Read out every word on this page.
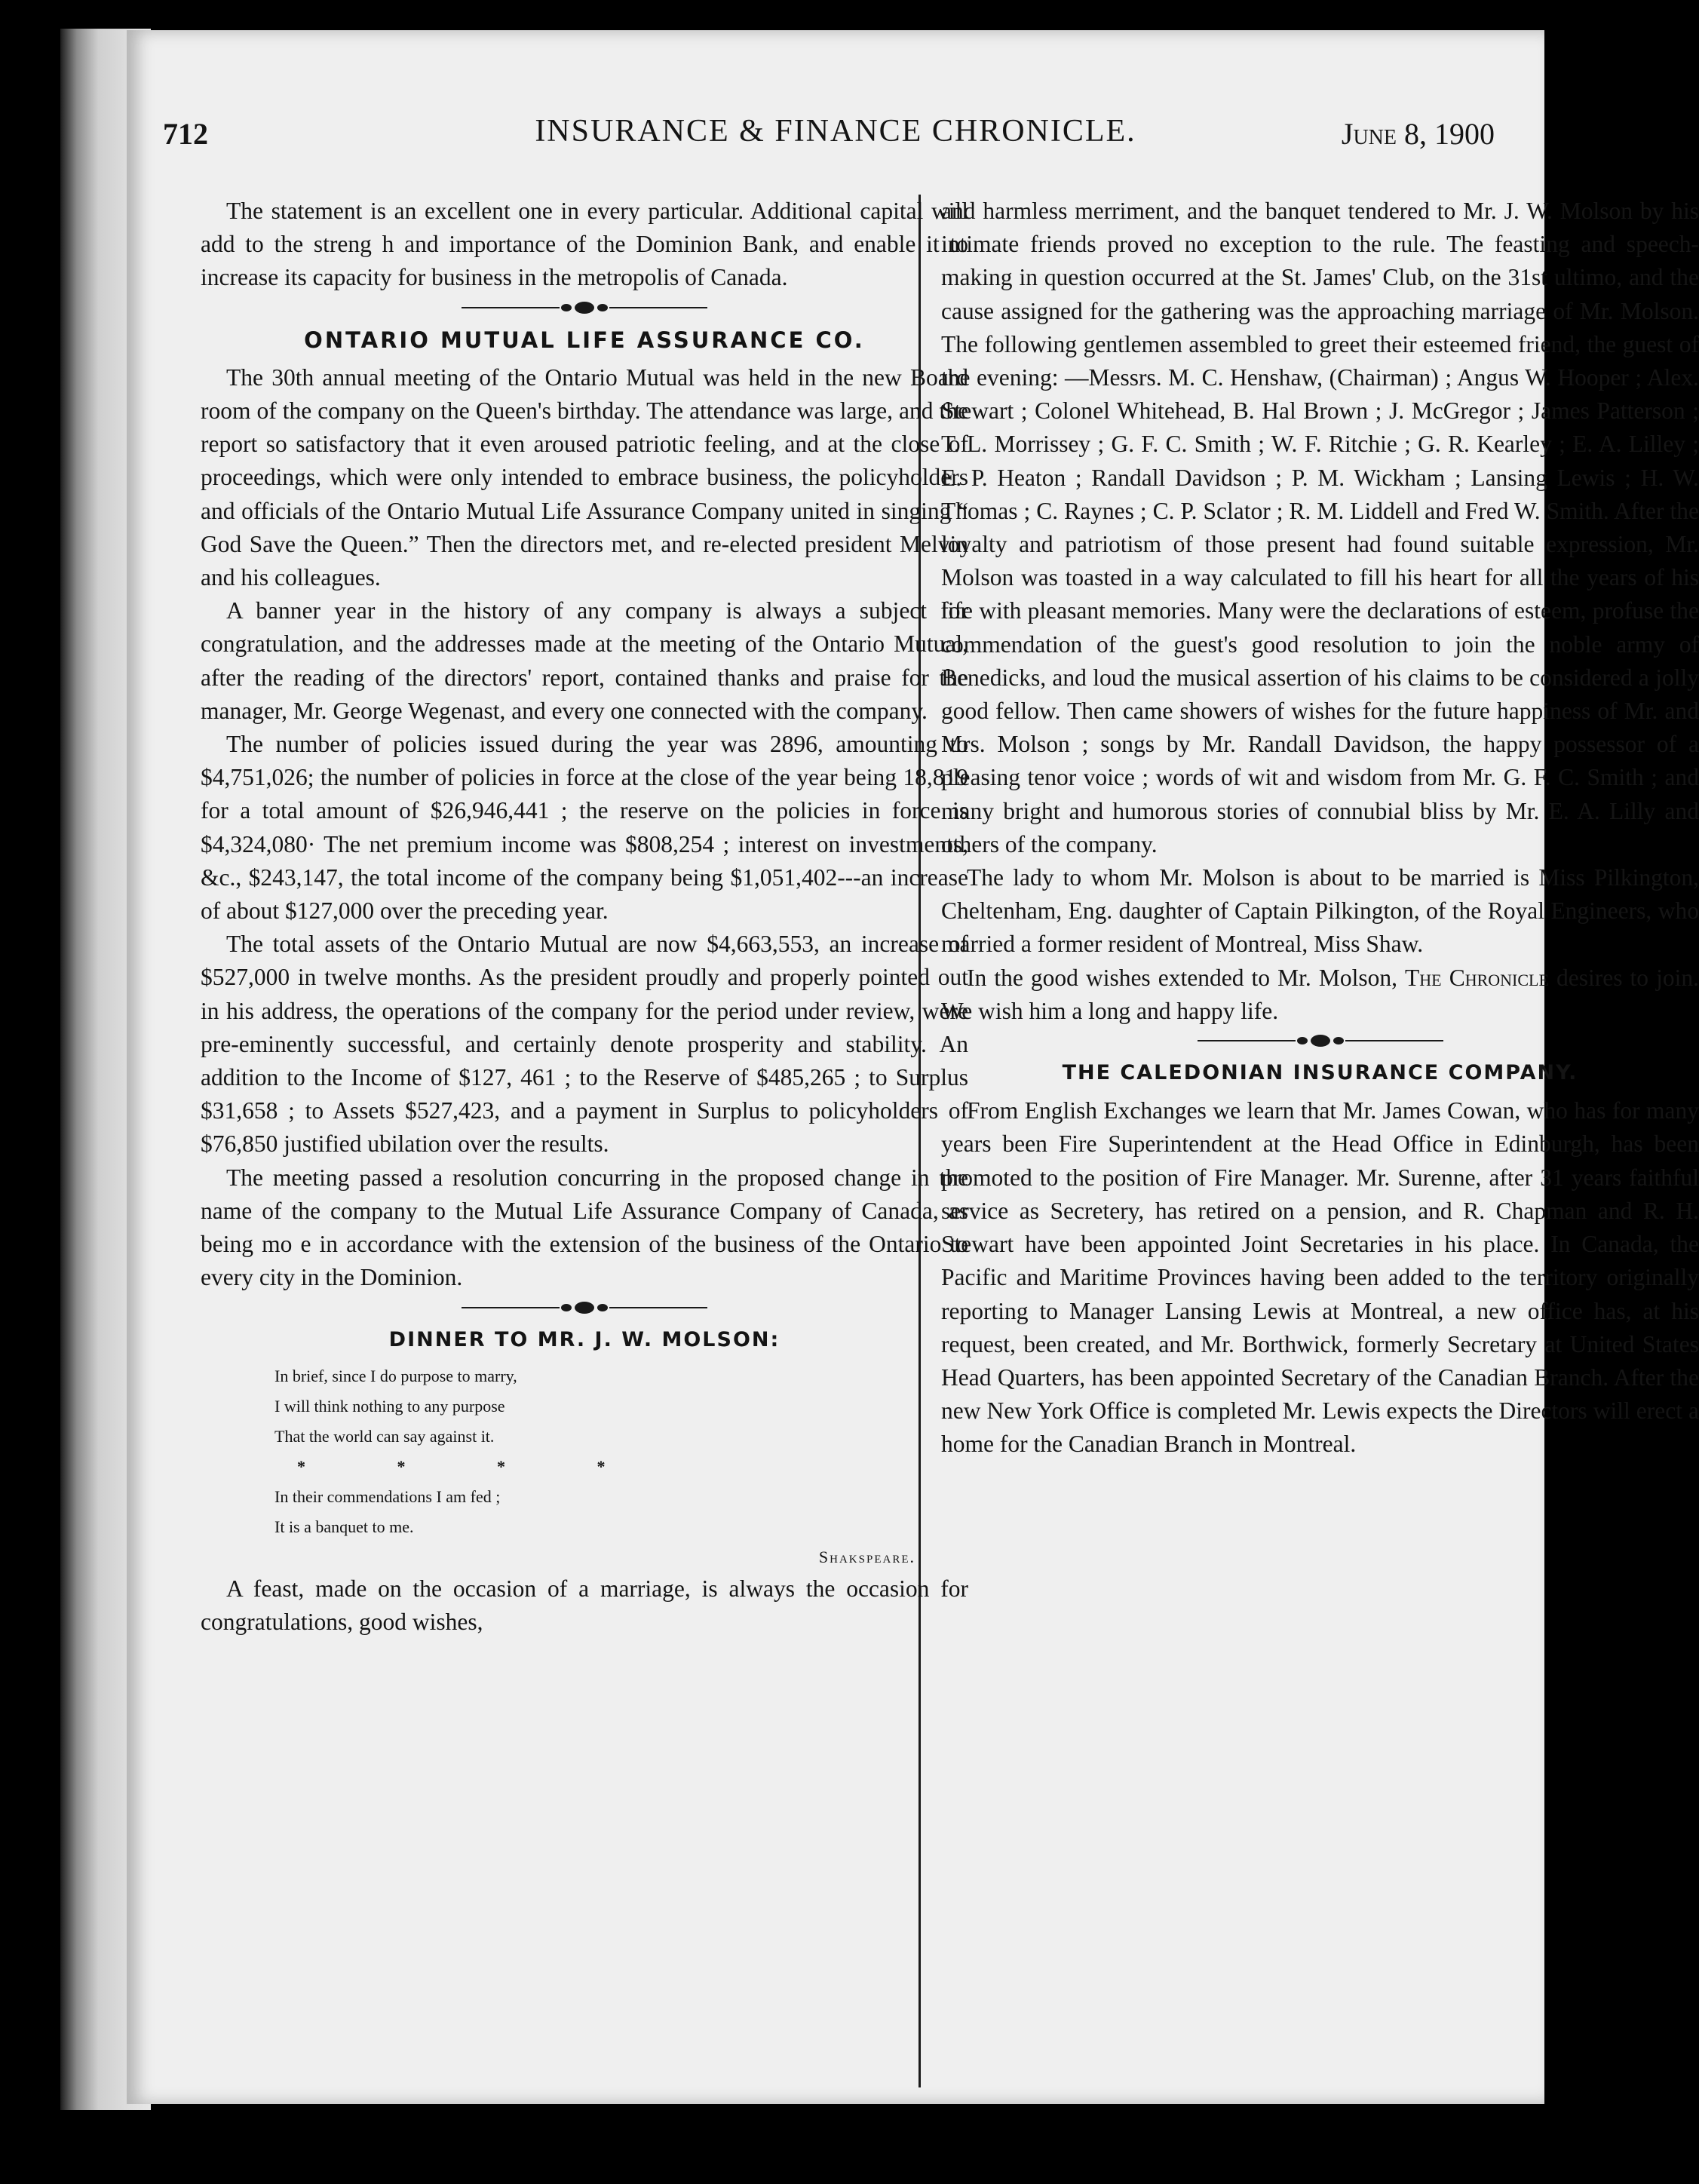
712	INSURANCE & FINANCE CHRONICLE.	June 8, 1900

The statement is an excellent one in every particular. Additional capital will add to the streng h and importance of the Dominion Bank, and enable it to increase its capacity for business in the metropolis of Canada.

ONTARIO MUTUAL LIFE ASSURANCE CO.

The 30th annual meeting of the Ontario Mutual was held in the new Board room of the company on the Queen's birthday. The attendance was large, and the report so satisfactory that it even aroused patriotic feeling, and at the close of proceedings, which were only intended to embrace business, the policyholders and officials of the Ontario Mutual Life Assurance Company united in singing “ God Save the Queen.” Then the directors met, and re-elected president Melvin and his colleagues.

A banner year in the history of any company is always a subject for congratulation, and the addresses made at the meeting of the Ontario Mutual, after the reading of the directors' report, contained thanks and praise for the manager, Mr. George Wegenast, and every one connected with the company.

The number of policies issued during the year was 2896, amounting to $4,751,026; the number of policies in force at the close of the year being 18,819 for a total amount of $26,946,441 ; the reserve on the policies in force is $4,324,080· The net premium income was $808,254 ; interest on investments, &c., $243,147, the total income of the company being $1,051,402---an increase of about $127,000 over the preceding year.

The total assets of the Ontario Mutual are now $4,663,553, an increase of $527,000 in twelve months. As the president proudly and properly pointed out in his address, the operations of the company for the period under review, were pre-eminently successful, and certainly denote prosperity and stability. An addition to the Income of $127, 461 ; to the Reserve of $485,265 ; to Surplus $31,658 ; to Assets $527,423, and a payment in Surplus to policyholders of $76,850 justified ubilation over the results.

The meeting passed a resolution concurring in the proposed change in the name of the company to the Mutual Life Assurance Company of Canada, as being mo e in accordance with the extension of the business of the Ontario to every city in the Dominion.

DINNER TO MR. J. W. MOLSON:
In brief, since I do purpose to marry,
I will think nothing to any purpose
That the world can say against it.
* * * *
In their commendations I am fed ;
It is a banquet to me.
Shakspeare.

A feast, made on the occasion of a marriage, is always the occasion for congratulations, good wishes,

and harmless merriment, and the banquet tendered to Mr. J. W. Molson by his intimate friends proved no exception to the rule. The feasting and speech-making in question occurred at the St. James' Club, on the 31st ultimo, and the cause assigned for the gathering was the approaching marriage of Mr. Molson. The following gentlemen assembled to greet their esteemed friend, the guest of the evening: —Messrs. M. C. Henshaw, (Chairman) ; Angus W. Hooper ; Alex. Stewart ; Colonel Whitehead, B. Hal Brown ; J. McGregor ; James Patterson ; T. L. Morrissey ; G. F. C. Smith ; W. F. Ritchie ; G. R. Kearley ; E. A. Lilley ; E. P. Heaton ; Randall Davidson ; P. M. Wickham ; Lansing Lewis ; H. W. Thomas ; C. Raynes ; C. P. Sclator ; R. M. Liddell and Fred W. Smith. After the loyalty and patriotism of those present had found suitable expression, Mr. Molson was toasted in a way calculated to fill his heart for all the years of his life with pleasant memories. Many were the declarations of esteem, profuse the commendation of the guest's good resolution to join the noble army of Benedicks, and loud the musical assertion of his claims to be considered a jolly good fellow. Then came showers of wishes for the future happiness of Mr. and Mrs. Molson ; songs by Mr. Randall Davidson, the happy possessor of a pleasing tenor voice ; words of wit and wisdom from Mr. G. F. C. Smith ; and many bright and humorous stories of connubial bliss by Mr. E. A. Lilly and others of the company.

The lady to whom Mr. Molson is about to be married is Miss Pilkington, Cheltenham, Eng. daughter of Captain Pilkington, of the Royal Engineers, who married a former resident of Montreal, Miss Shaw.

In the good wishes extended to Mr. Molson, The Chronicle desires to join. We wish him a long and happy life.

THE CALEDONIAN INSURANCE COMPANY.

From English Exchanges we learn that Mr. James Cowan, who has for many years been Fire Superintendent at the Head Office in Edinburgh, has been promoted to the position of Fire Manager. Mr. Surenne, after 31 years faithful service as Secretery, has retired on a pension, and R. Chapman and R. H. Stewart have been appointed Joint Secretaries in his place. In Canada, the Pacific and Maritime Provinces having been added to the territory originally reporting to Manager Lansing Lewis at Montreal, a new office has, at his request, been created, and Mr. Borthwick, formerly Secretary at United States Head Quarters, has been appointed Secretary of the Canadian Branch. After the new New York Office is completed Mr. Lewis expects the Directors will erect a home for the Canadian Branch in Montreal.
